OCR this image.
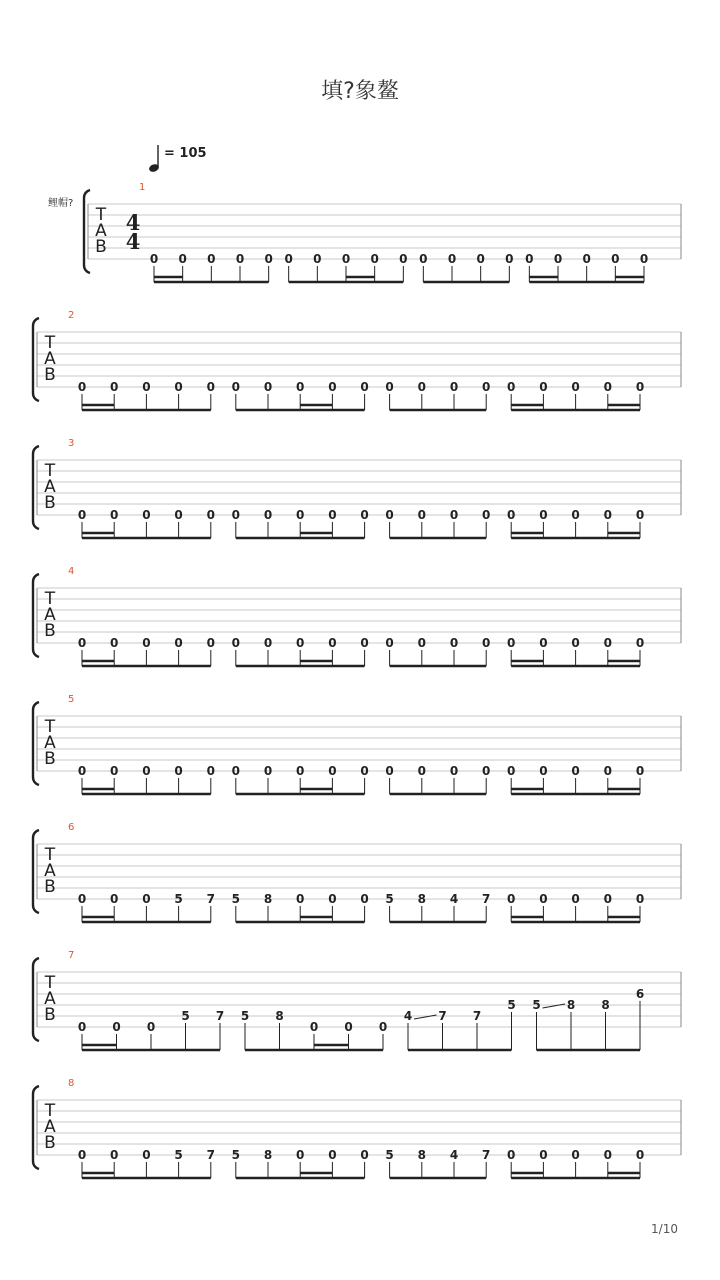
填?象鳌
= 105
鲤帽?
T
A
B
1
4
4
0 0 0 0 0 0 0 0 0 0 0 0 0 0 0 0 0 0 0
T
A
B
2
0 0 0 0 0 0 0 0 0 0 0 0 0 0 0 0 0 0 0
T
A
B
3
0 0 0 0 0 0 0 0 0 0 0 0 0 0 0 0 0 0 0
T
A
B
4
0 0 0 0 0 0 0 0 0 0 0 0 0 0 0 0 0 0 0
T
A
B
5
0 0 0 0 0 0 0 0 0 0 0 0 0 0 0 0 0 0 0
T
A
B
6
0 0 0 5 7 5 8 0 0 0 5 8 4 7 0 0 0 0 0
T
A
B
7
0 0 0
5 7 5 8
0 0 0
4 7 7
5 5 8 8
6
T
A
B
8
0 0 0 5 7 5 8 0 0 0 5 8 4 7 0 0 0 0 0
1/10
